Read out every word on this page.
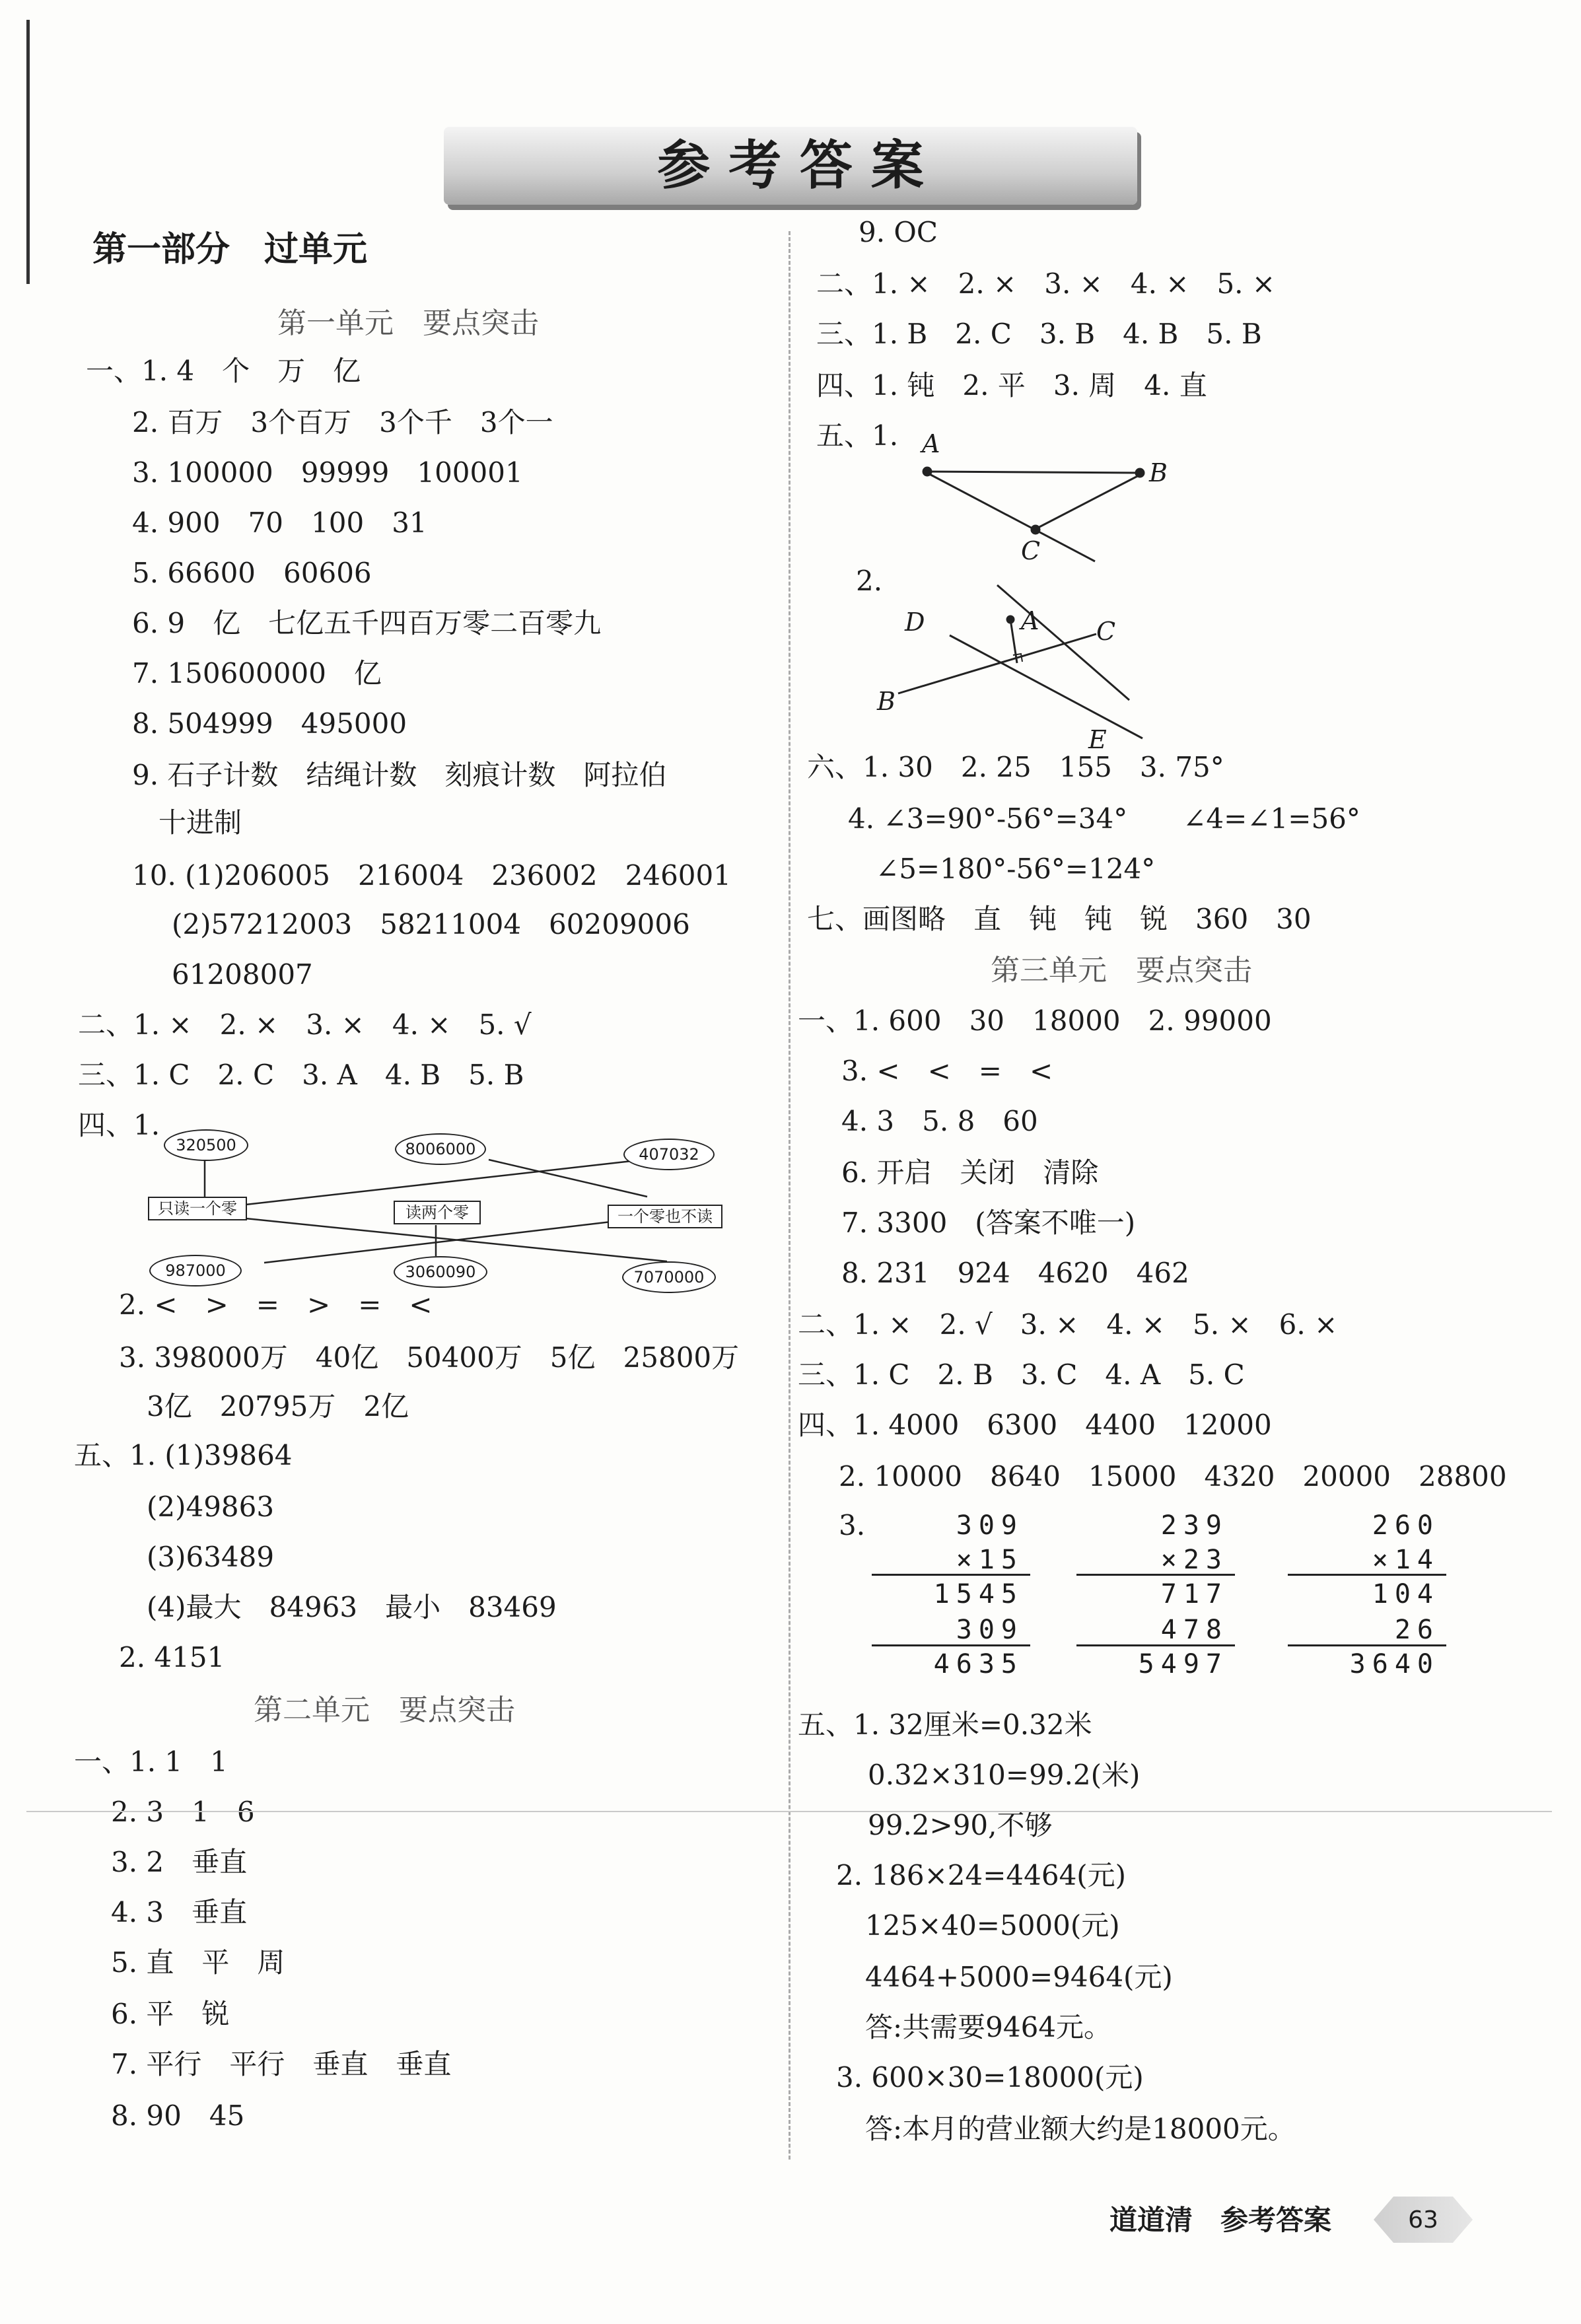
参 考 答 案
第一部分　过单元
第一单元　要点突击
一、1. 4　个　万　亿
2. 百万　3个百万　3个千　3个一
3. 100000　99999　100001
4. 900　70　100　31
5. 66600　60606
6. 9　亿　七亿五千四百万零二百零九
7. 150600000　亿
8. 504999　495000
9. 石子计数　结绳计数　刻痕计数　阿拉伯
十进制
10. (1)206005　216004　236002　246001
(2)57212003　58211004　60209006
61208007
二、1. ×　2. ×　3. ×　4. ×　5. √
三、1. C　2. C　3. A　4. B　5. B
四、1.
2. <　>　=　>　=　<
3. 398000万　40亿　50400万　5亿　25800万
3亿　20795万　2亿
五、1. (1)39864
(2)49863
(3)63489
(4)最大　84963　最小　83469
2. 4151
第二单元　要点突击
一、1. 1　1
2. 3　1　6
3. 2　垂直
4. 3　垂直
5. 直　平　周
6. 平　锐
7. 平行　平行　垂直　垂直
8. 90　45
9. OC
二、1. ×　2. ×　3. ×　4. ×　5. ×
三、1. B　2. C　3. B　4. B　5. B
四、1. 钝　2. 平　3. 周　4. 直
五、1.
2.
六、1. 30　2. 25　155　3. 75°
4. ∠3=90°-56°=34°　　∠4=∠1=56°
∠5=180°-56°=124°
七、画图略　直　钝　钝　锐　360　30
第三单元　要点突击
一、1. 600　30　18000　2. 99000
3. <　<　=　<
4. 3　5. 8　60
6. 开启　关闭　清除
7. 3300　(答案不唯一)
8. 231　924　4620　462
二、1. ×　2. √　3. ×　4. ×　5. ×　6. ×
三、1. C　2. B　3. C　4. A　5. C
四、1. 4000　6300　4400　12000
2. 10000　8640　15000　4320　20000　28800
3.
五、1. 32厘米=0.32米
0.32×310=99.2(米)
99.2>90,不够
2. 186×24=4464(元)
125×40=5000(元)
4464+5000=9464(元)
答:共需要9464元。
3. 600×30=18000(元)
答:本月的营业额大约是18000元。
320500	8006000	407032
只读一个零	读两个零	一个零也不读
987000	3060090	7070000
A
B
C
D	A C
B
E
309
×15
1545
309
4635
239
×23
717
478
5497
260
×14
104
26
3640
道道清　参考答案	63
